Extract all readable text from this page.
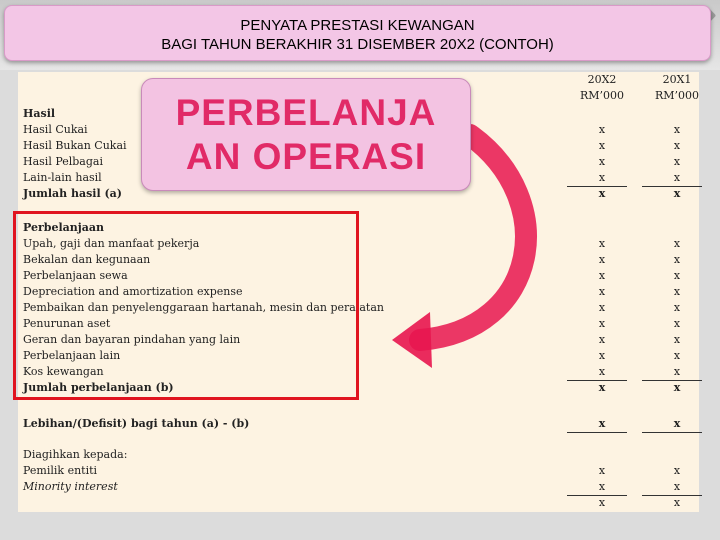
PENYATA PRESTASI KEWANGAN
BAGI TAHUN BERAKHIR 31 DISEMBER 20X2 (CONTOH)
20X2
RM’000
20X1
RM’000
Hasil
Hasil Cukai
Hasil Bukan Cukai
Hasil Pelbagai
Lain-lain hasil
Jumlah hasil (a)
x
x
x
x
x
x
x
x
x
x
Perbelanjaan
Upah, gaji dan manfaat pekerja
Bekalan dan kegunaan
Perbelanjaan sewa
Depreciation and amortization expense
Pembaikan dan penyelenggaraan hartanah, mesin dan peralatan
Penurunan aset
Geran dan bayaran pindahan yang lain
Perbelanjaan lain
Kos kewangan
Jumlah perbelanjaan (b)
x
x
x
x
x
x
x
x
x
x
x
x
x
x
x
x
x
x
x
x
Lebihan/(Defisit) bagi tahun (a) - (b)	x	x
Diagihkan kepada:
Pemilik entiti
Minority interest
x
x
x
x
x
x
PERBELANJA
AN OPERASI
